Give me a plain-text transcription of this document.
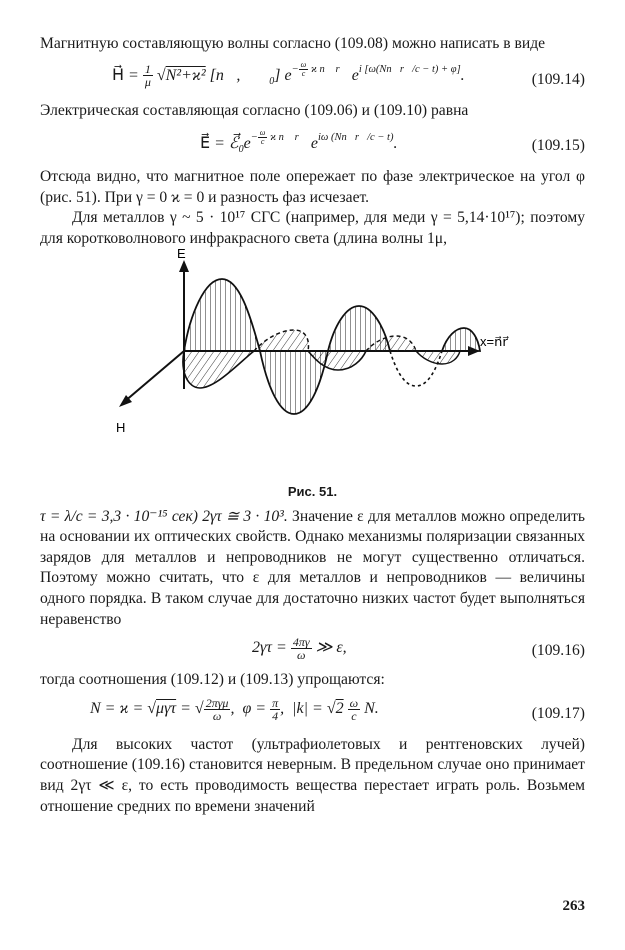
Магнитную составляющую волны согласно (109.08) можно написать в виде

H⃗ = $\frac{1}{\mu} √N^2+ϰ^2$ [n⃗, $ℰ⃗_0$] $e^{- \frac{\omega}{c} ϰ n⃗ r⃗}$ $e^{i [\omega(Nn⃗r⃗/c - t) + \varphi]}$.	(109.14)

Электрическая составляющая согласно (109.06) и (109.10) равна

E⃗ = $ℰ⃗_0e^{- \frac{\omega}{c} ϰ n⃗ r⃗}$ $e^{i\omega (Nn⃗r⃗/c - t)}$.	(109.15)

Отсюда видно, что магнитное поле опережает по фазе электрическое на угол φ (рис. 51). При γ = 0 ϰ = 0 и разность фаз исчезает.

Для металлов γ ~ 5 · 10¹⁷ СГС (например, для меди γ = 5,14·10¹⁷); поэтому для коротковолнового инфракрасного света (длина волны 1μ,

E
H
x=n⃗r⃗

Рис. 51.

τ = λ/c = 3,3 · 10⁻¹⁵ сек) 2γτ ≅ 3 · 10³. Значение ε для металлов можно определить на основании их оптических свойств. Однако механизмы поляризации связанных зарядов для металлов и непроводников не могут существенно отличаться. Поэтому можно считать, что ε для металлов и непроводников — величины одного порядка. В таком случае для достаточно низких частот будет выполняться неравенство

$2\gamma\tau = \frac{4\pi\gamma}{\omega}$ ≫ ε,	(109.16)

тогда соотношения (109.12) и (109.13) упрощаются:

N = ϰ = √μγτ = √ $\frac{\text{2πγμ}}{\omega}$ ,  $\varphi = \frac{\pi}{4}$ ,  $|k| = √2 \frac{\omega}{c} N$.	(109.17)

Для высоких частот (ультрафиолетовых и рентгеновских лучей) соотношение (109.16) становится неверным. В предельном случае оно принимает вид 2γτ ≪ ε, то есть проводимость вещества перестает играть роль. Возьмем отношение средних по времени значений

263
